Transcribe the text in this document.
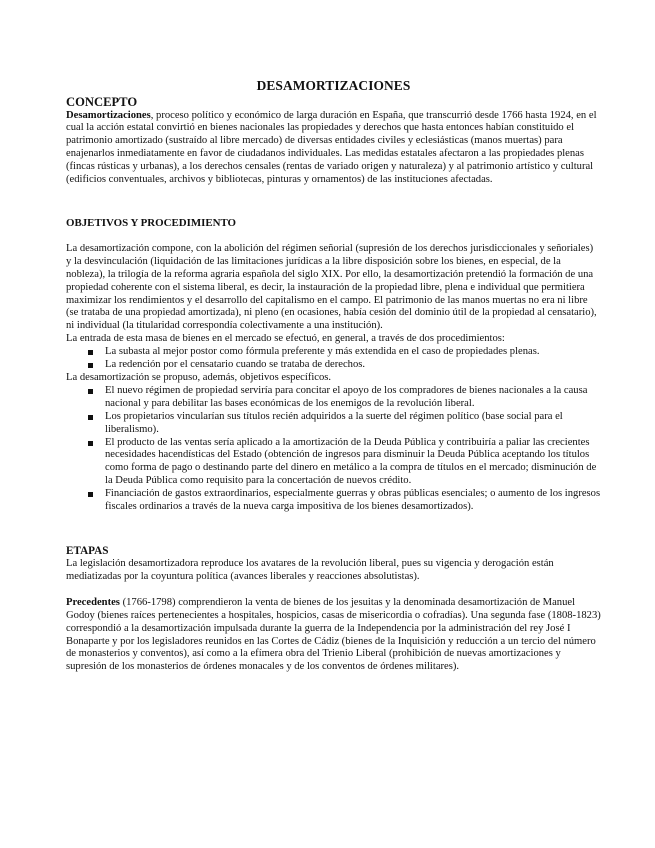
DESAMORTIZACIONES
CONCEPTO

Desamortizaciones, proceso político y económico de larga duración en España, que transcurrió desde 1766 hasta 1924, en el cual la acción estatal convirtió en bienes nacionales las propiedades y derechos que hasta entonces habían constituido el patrimonio amortizado (sustraído al libre mercado) de diversas entidades civiles y eclesiásticas (manos muertas) para enajenarlos inmediatamente en favor de ciudadanos individuales. Las medidas estatales afectaron a las propiedades plenas (fincas rústicas y urbanas), a los derechos censales (rentas de variado origen y naturaleza) y al patrimonio artístico y cultural (edificios conventuales, archivos y bibliotecas, pinturas y ornamentos) de las instituciones afectadas.

OBJETIVOS Y PROCEDIMIENTO

La desamortización compone, con la abolición del régimen señorial (supresión de los derechos jurisdiccionales y señoriales) y la desvinculación (liquidación de las limitaciones jurídicas a la libre disposición sobre los bienes, en especial, de la nobleza), la trilogía de la reforma agraria española del siglo XIX. Por ello, la desamortización pretendió la formación de una propiedad coherente con el sistema liberal, es decir, la instauración de la propiedad libre, plena e individual que permitiera maximizar los rendimientos y el desarrollo del capitalismo en el campo. El patrimonio de las manos muertas no era ni libre (se trataba de una propiedad amortizada), ni pleno (en ocasiones, había cesión del dominio útil de la propiedad al censatario), ni individual (la titularidad correspondía colectivamente a una institución).

La entrada de esta masa de bienes en el mercado se efectuó, en general, a través de dos procedimientos:

La subasta al mejor postor como fórmula preferente y más extendida en el caso de propiedades plenas.
La redención por el censatario cuando se trataba de derechos.

La desamortización se propuso, además, objetivos específicos.

El nuevo régimen de propiedad serviría para concitar el apoyo de los compradores de bienes nacionales a la causa nacional y para debilitar las bases económicas de los enemigos de la revolución liberal.
Los propietarios vincularían sus títulos recién adquiridos a la suerte del régimen político (base social para el liberalismo).
El producto de las ventas sería aplicado a la amortización de la Deuda Pública y contribuiría a paliar las crecientes necesidades hacendísticas del Estado (obtención de ingresos para disminuir la Deuda Pública aceptando los títulos como forma de pago o destinando parte del dinero en metálico a la compra de títulos en el mercado; disminución de la Deuda Pública como requisito para la concertación de nuevos crédito.
Financiación de gastos extraordinarios, especialmente guerras y obras públicas esenciales; o aumento de los ingresos fiscales ordinarios a través de la nueva carga impositiva de los bienes desamortizados).
ETAPAS

La legislación desamortizadora reproduce los avatares de la revolución liberal, pues su vigencia y derogación están mediatizadas por la coyuntura política (avances liberales y reacciones absolutistas).

Precedentes (1766-1798) comprendieron la venta de bienes de los jesuitas y la denominada desamortización de Manuel Godoy (bienes raíces pertenecientes a hospitales, hospicios, casas de misericordia o cofradías). Una segunda fase (1808-1823) correspondió a la desamortización impulsada durante la guerra de la Independencia por la administración del rey José I Bonaparte y por los legisladores reunidos en las Cortes de Cádiz (bienes de la Inquisición y reducción a un tercio del número de monasterios y conventos), así como a la efímera obra del Trienio Liberal (prohibición de nuevas amortizaciones y supresión de los monasterios de órdenes monacales y de los conventos de órdenes militares).
